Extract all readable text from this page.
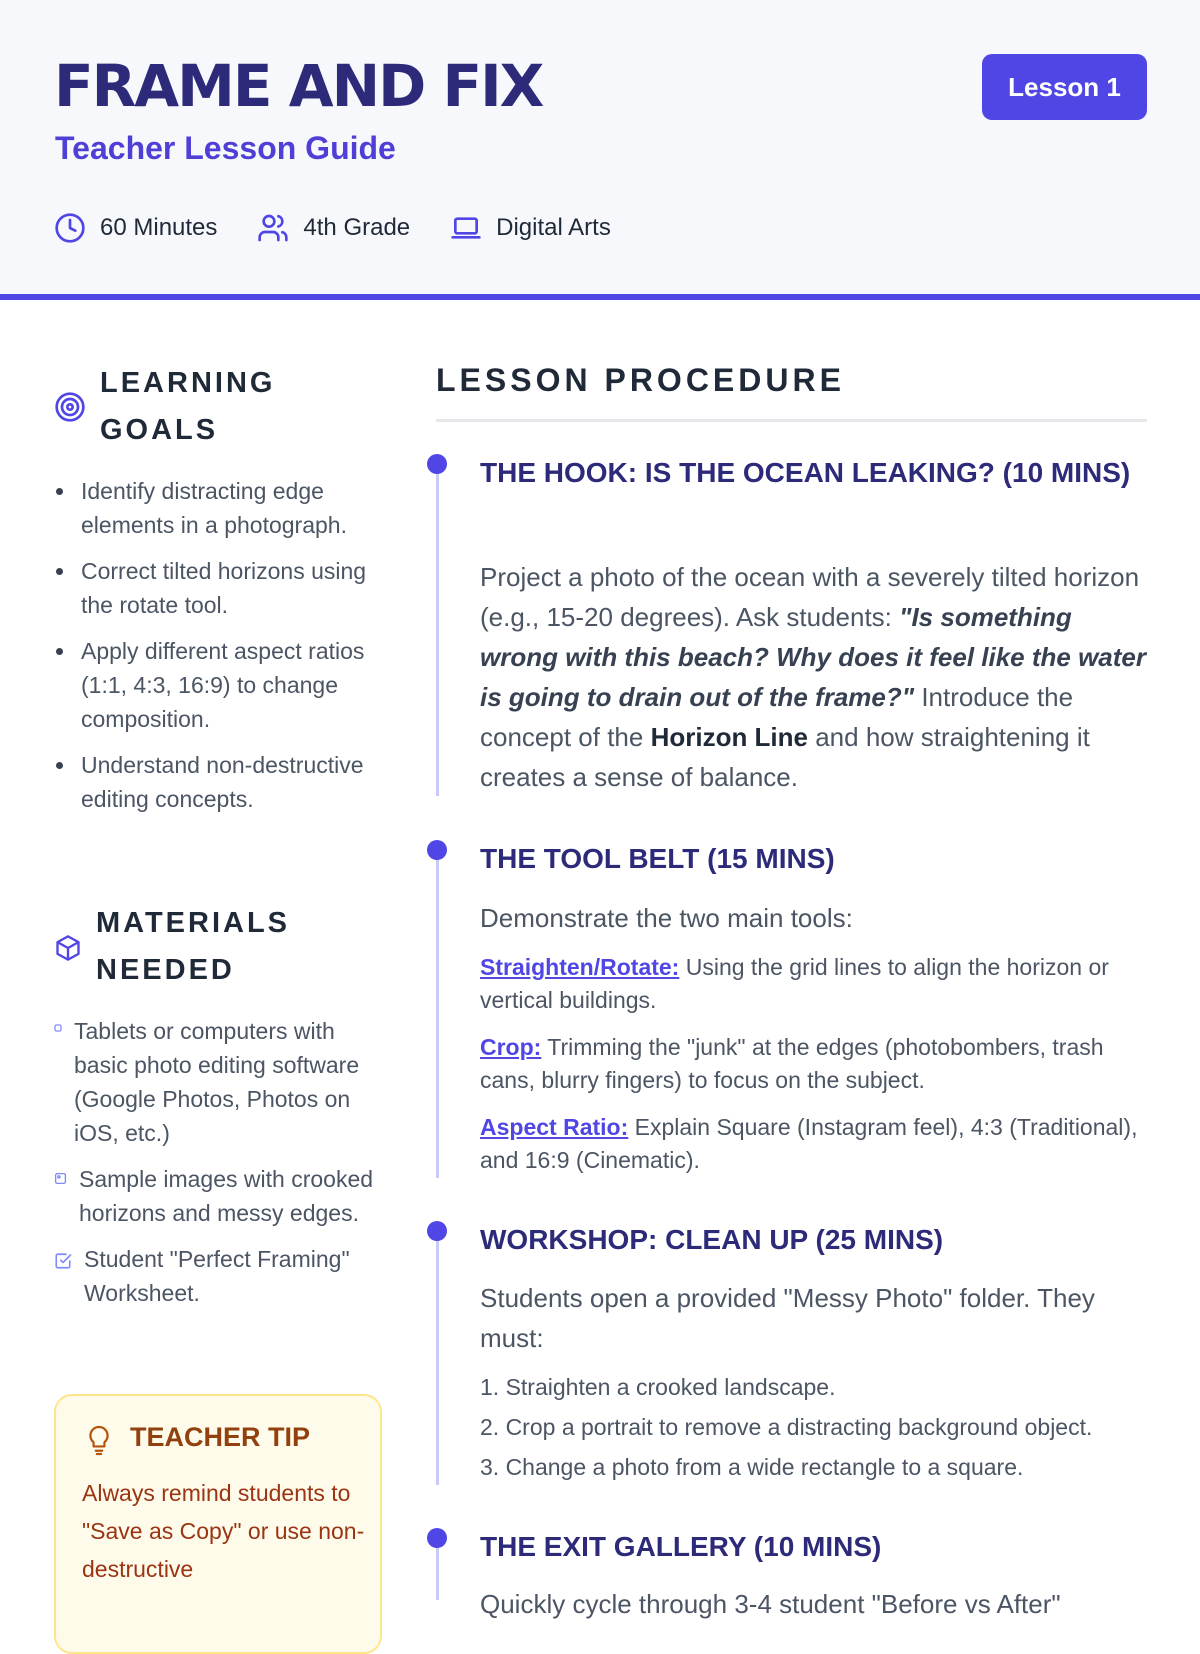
FRAME AND FIX
Teacher Lesson Guide
Lesson 1
60 Minutes	4th Grade	Digital Arts
LEARNING
GOALS
Identify distracting edge elements in a photograph.
Correct tilted horizons using the rotate tool.
Apply different aspect ratios (1:1, 4:3, 16:9) to change composition.
Understand non-destructive editing concepts.
MATERIALS
NEEDED
Tablets or computers with basic photo editing software (Google Photos, Photos on iOS, etc.)
Sample images with crooked horizons and messy edges.
Student "Perfect Framing" Worksheet.
TEACHER TIP
Always remind students to "Save as Copy" or use non-destructive
LESSON PROCEDURE
THE HOOK: IS THE OCEAN LEAKING? (10 MINS)
Project a photo of the ocean with a severely tilted horizon (e.g., 15-20 degrees). Ask students: "Is something wrong with this beach? Why does it feel like the water is going to drain out of the frame?" Introduce the concept of the Horizon Line and how straightening it creates a sense of balance.
THE TOOL BELT (15 MINS)
Demonstrate the two main tools:
Straighten/Rotate: Using the grid lines to align the horizon or vertical buildings.
Crop: Trimming the "junk" at the edges (photobombers, trash cans, blurry fingers) to focus on the subject.
Aspect Ratio: Explain Square (Instagram feel), 4:3 (Traditional), and 16:9 (Cinematic).
WORKSHOP: CLEAN UP (25 MINS)
Students open a provided "Messy Photo" folder. They must:
1. Straighten a crooked landscape.
2. Crop a portrait to remove a distracting background object.
3. Change a photo from a wide rectangle to a square.
THE EXIT GALLERY (10 MINS)
Quickly cycle through 3-4 student "Before vs After"
